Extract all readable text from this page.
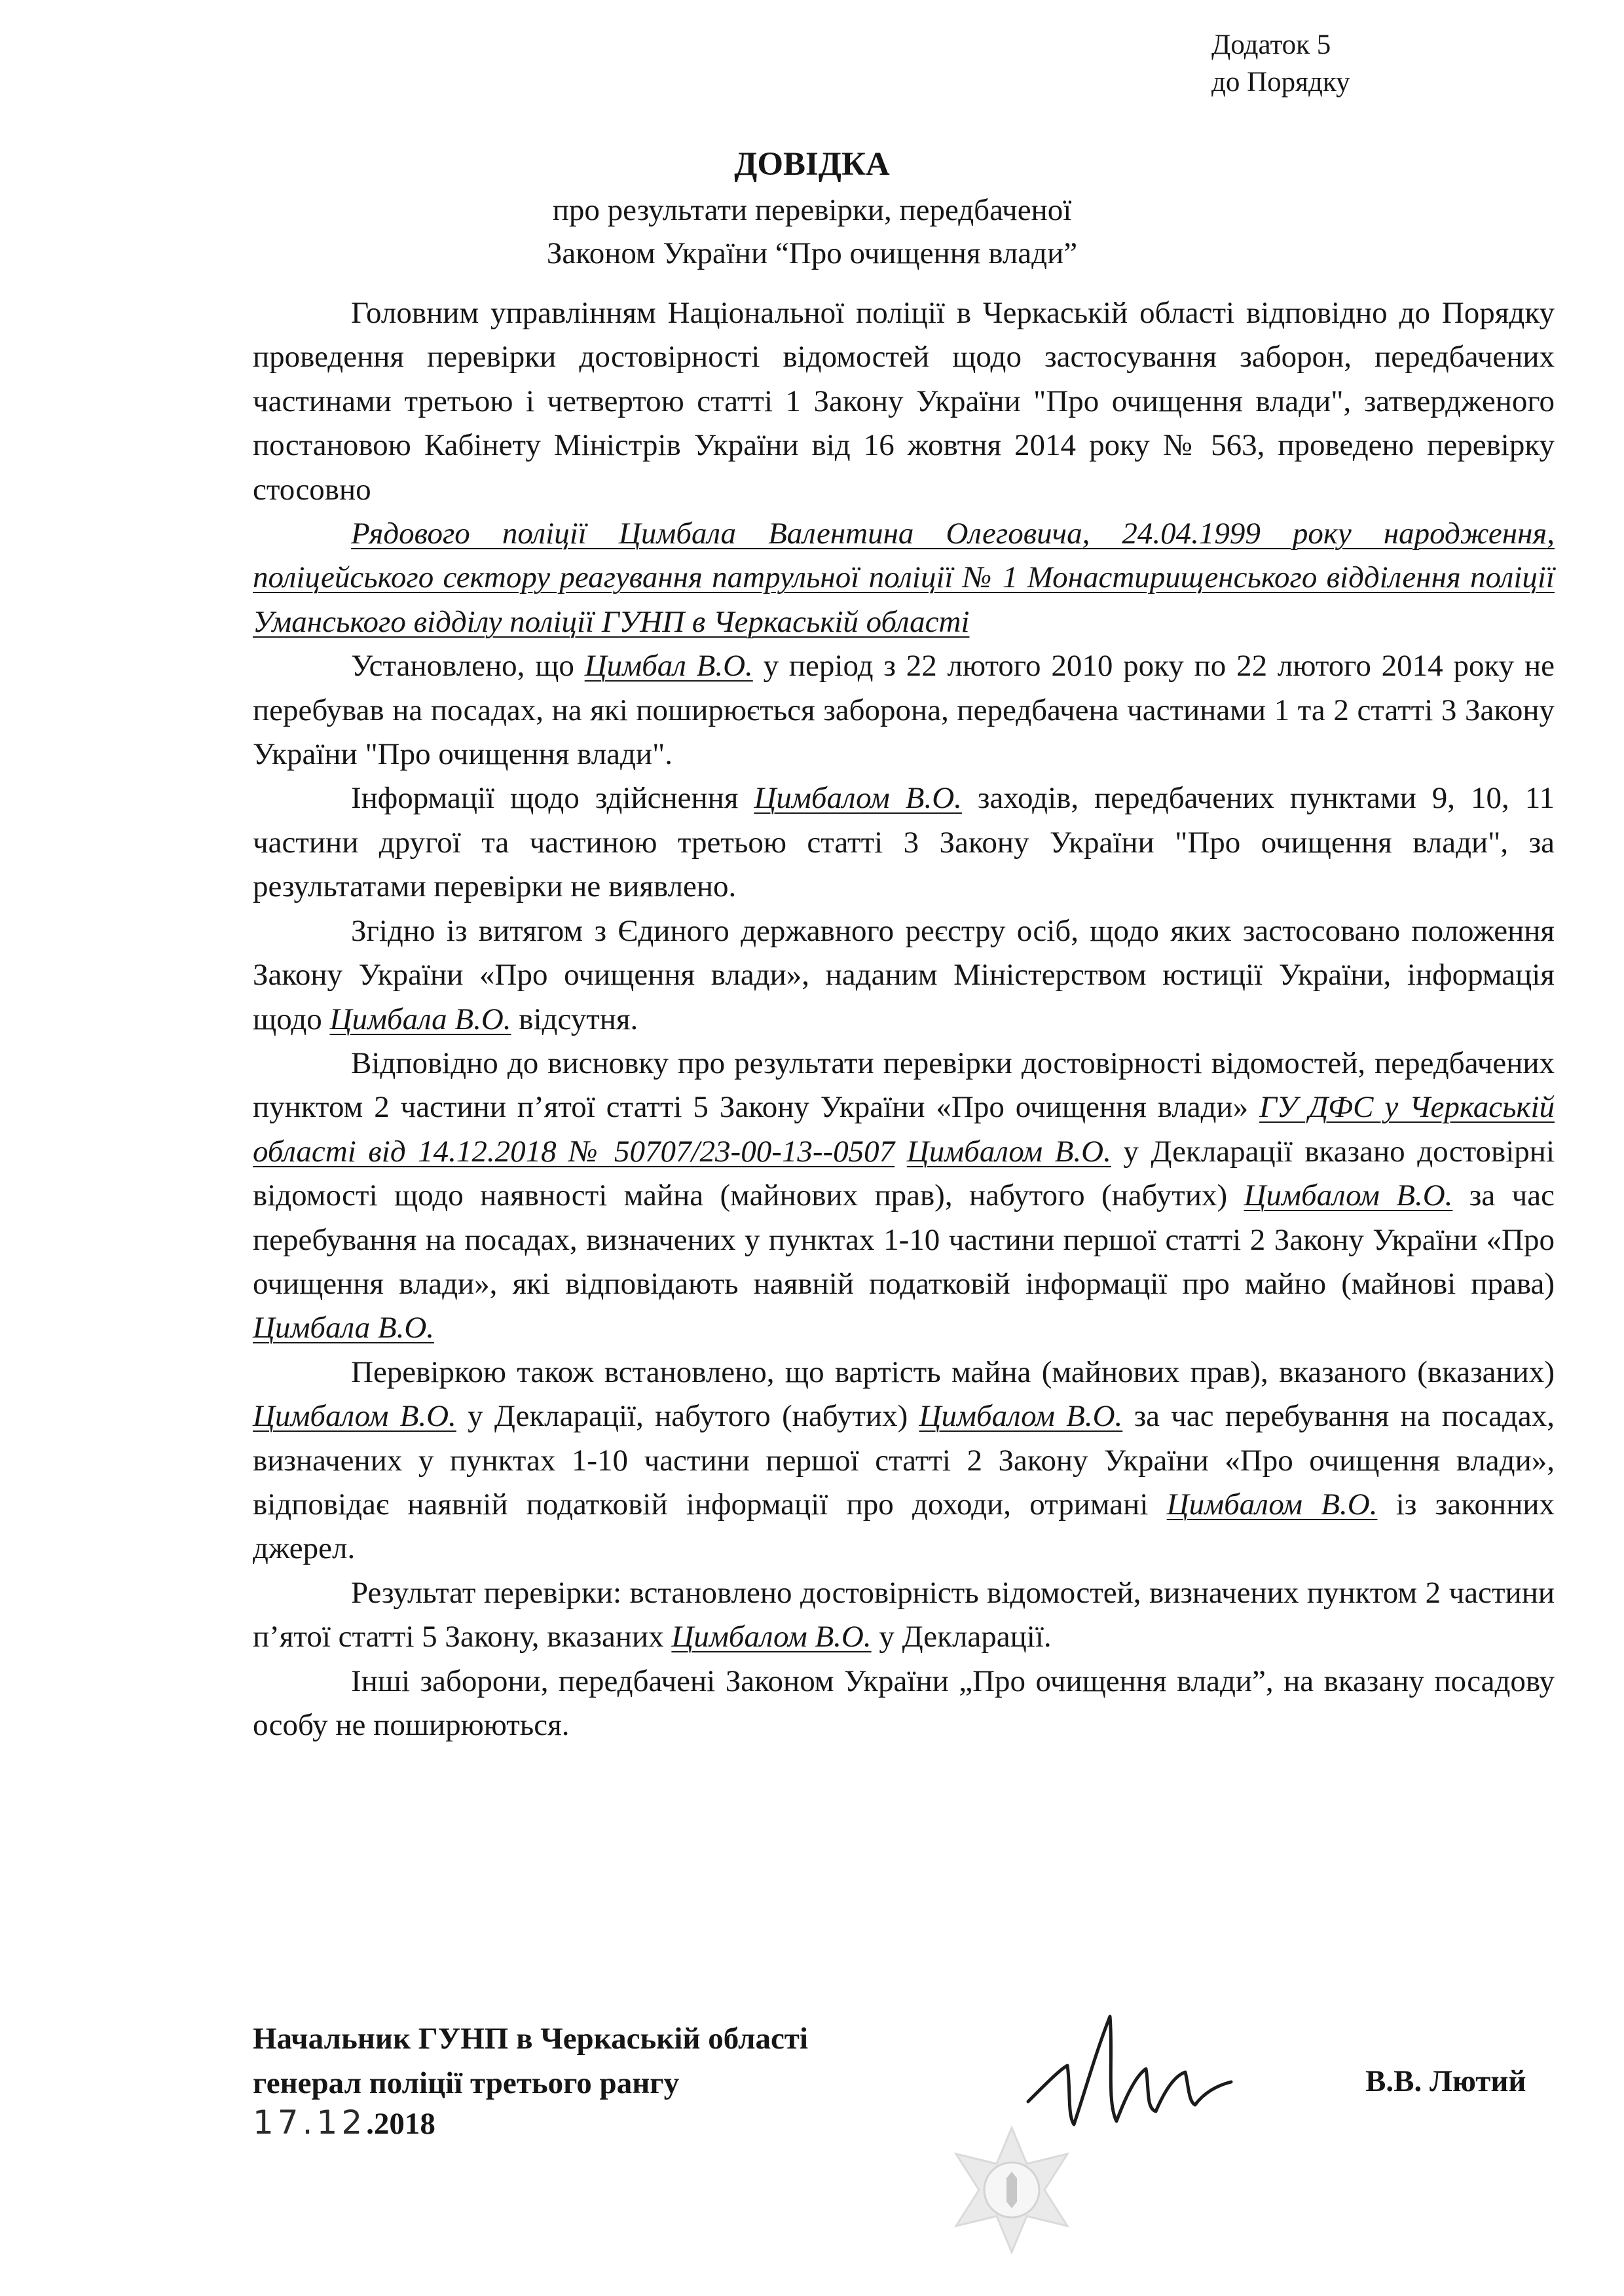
Додаток 5
до Порядку
ДОВІДКА
про результати перевірки, передбаченої
Законом України “Про очищення влади”

Головним управлінням Національної поліції в Черкаській області відповідно до Порядку проведення перевірки достовірності відомостей щодо застосування заборон, передбачених частинами третьою і четвертою статті 1 Закону України "Про очищення влади", затвердженого постановою Кабінету Міністрів України від 16 жовтня 2014 року № 563, проведено перевірку стосовно

Рядового поліції Цимбала Валентина Олеговича, 24.04.1999 року народження, поліцейського сектору реагування патрульної поліції № 1 Монастирищенського відділення поліції Уманського відділу поліції ГУНП в Черкаській області

Установлено, що Цимбал В.О. у період з 22 лютого 2010 року по 22 лютого 2014 року не перебував на посадах, на які поширюється заборона, передбачена частинами 1 та 2 статті 3 Закону України "Про очищення влади".

Інформації щодо здійснення Цимбалом В.О. заходів, передбачених пунктами 9, 10, 11 частини другої та частиною третьою статті 3 Закону України "Про очищення влади", за результатами перевірки не виявлено.

Згідно із витягом з Єдиного державного реєстру осіб, щодо яких застосовано положення Закону України «Про очищення влади», наданим Міністерством юстиції України, інформація щодо Цимбала В.О. відсутня.

Відповідно до висновку про результати перевірки достовірності відомостей, передбачених пунктом 2 частини п’ятої статті 5 Закону України «Про очищення влади» ГУ ДФС у Черкаській області від 14.12.2018 № 50707/23-00-13--0507 Цимбалом В.О. у Декларації вказано достовірні відомості щодо наявності майна (майнових прав), набутого (набутих) Цимбалом В.О. за час перебування на посадах, визначених у пунктах 1-10 частини першої статті 2 Закону України «Про очищення влади», які відповідають наявній податковій інформації про майно (майнові права) Цимбала В.О.

Перевіркою також встановлено, що вартість майна (майнових прав), вказаного (вказаних) Цимбалом В.О. у Декларації, набутого (набутих) Цимбалом В.О. за час перебування на посадах, визначених у пунктах 1-10 частини першої статті 2 Закону України «Про очищення влади», відповідає наявній податковій інформації про доходи, отримані Цимбалом В.О. із законних джерел.

Результат перевірки: встановлено достовірність відомостей, визначених пунктом 2 частини п’ятої статті 5 Закону, вказаних Цимбалом В.О. у Декларації.

Інші заборони, передбачені Законом України „Про очищення влади”, на вказану посадову особу не поширюються.

Начальник ГУНП в Черкаській області
генерал поліції третього рангу
17.12.2018
В.В. Лютий
